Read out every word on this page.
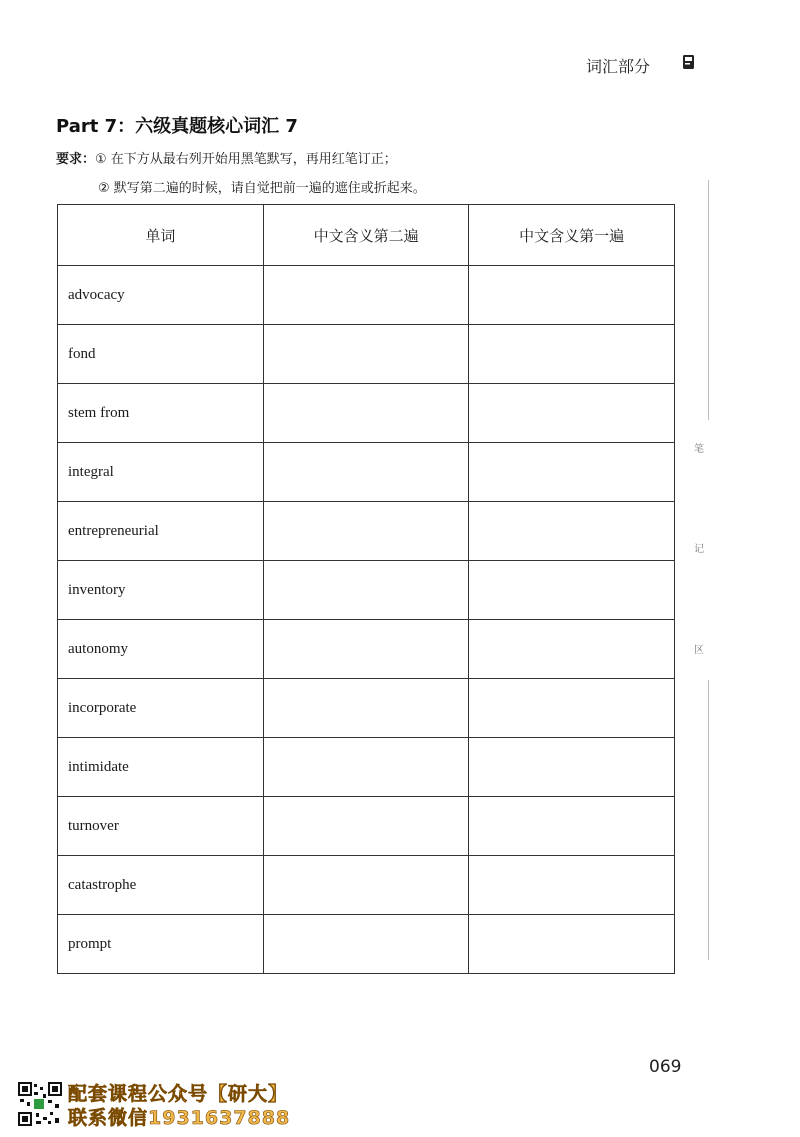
词汇部分
Part 7：六级真题核心词汇 7
要求：① 在下方从最右列开始用黑笔默写，再用红笔订正；
② 默写第二遍的时候，请自觉把前一遍的遮住或折起来。
单词	中文含义第二遍	中文含义第一遍
advocacy		
fond		
stem from		
integral		
entrepreneurial		
inventory		
autonomy		
incorporate		
intimidate		
turnover		
catastrophe		
prompt		
笔
记
区
069
配套课程公众号【研大】
联系微信1931637888
